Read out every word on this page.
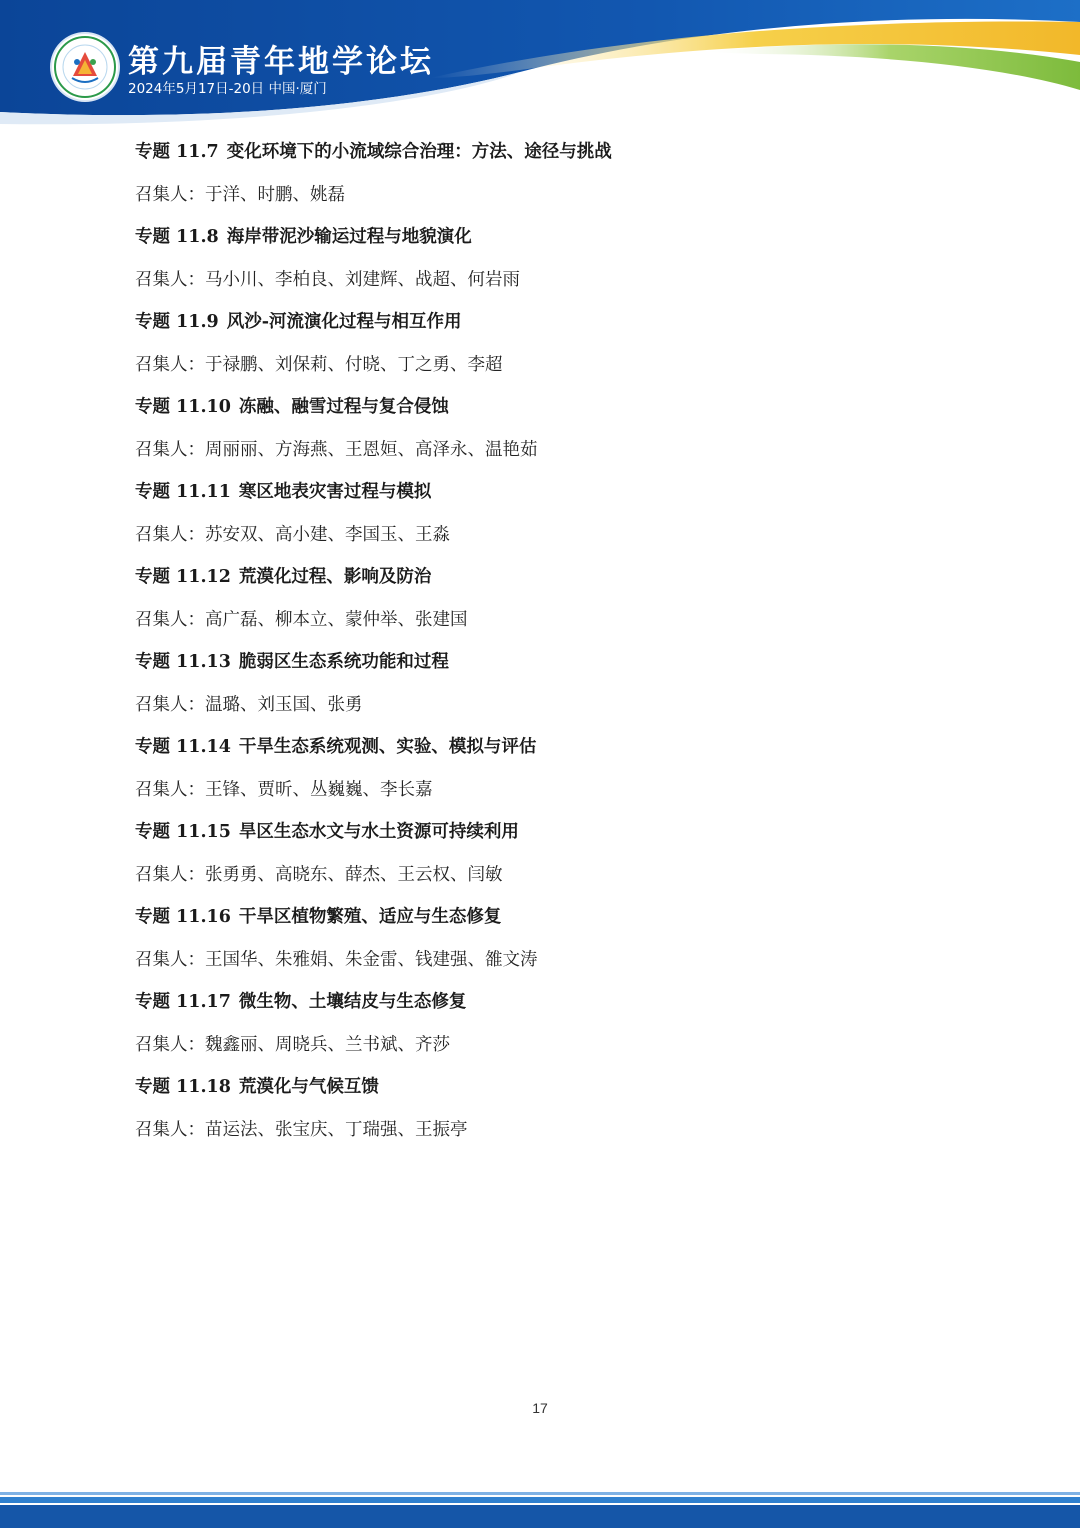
第九届青年地学论坛
2024年5月17日-20日 中国·厦门
专题 11.7 变化环境下的小流域综合治理：方法、途径与挑战
召集人：于洋、时鹏、姚磊
专题 11.8 海岸带泥沙输运过程与地貌演化
召集人：马小川、李柏良、刘建辉、战超、何岩雨
专题 11.9 风沙-河流演化过程与相互作用
召集人：于禄鹏、刘保莉、付晓、丁之勇、李超
专题 11.10 冻融、融雪过程与复合侵蚀
召集人：周丽丽、方海燕、王恩姮、高泽永、温艳茹
专题 11.11 寒区地表灾害过程与模拟
召集人：苏安双、高小建、李国玉、王淼
专题 11.12 荒漠化过程、影响及防治
召集人：高广磊、柳本立、蒙仲举、张建国
专题 11.13 脆弱区生态系统功能和过程
召集人：温璐、刘玉国、张勇
专题 11.14 干旱生态系统观测、实验、模拟与评估
召集人：王锋、贾昕、丛巍巍、李长嘉
专题 11.15 旱区生态水文与水土资源可持续利用
召集人：张勇勇、高晓东、薛杰、王云权、闫敏
专题 11.16 干旱区植物繁殖、适应与生态修复
召集人：王国华、朱雅娟、朱金雷、钱建强、雒文涛
专题 11.17 微生物、土壤结皮与生态修复
召集人：魏鑫丽、周晓兵、兰书斌、齐莎
专题 11.18 荒漠化与气候互馈
召集人：苗运法、张宝庆、丁瑞强、王振亭
17
